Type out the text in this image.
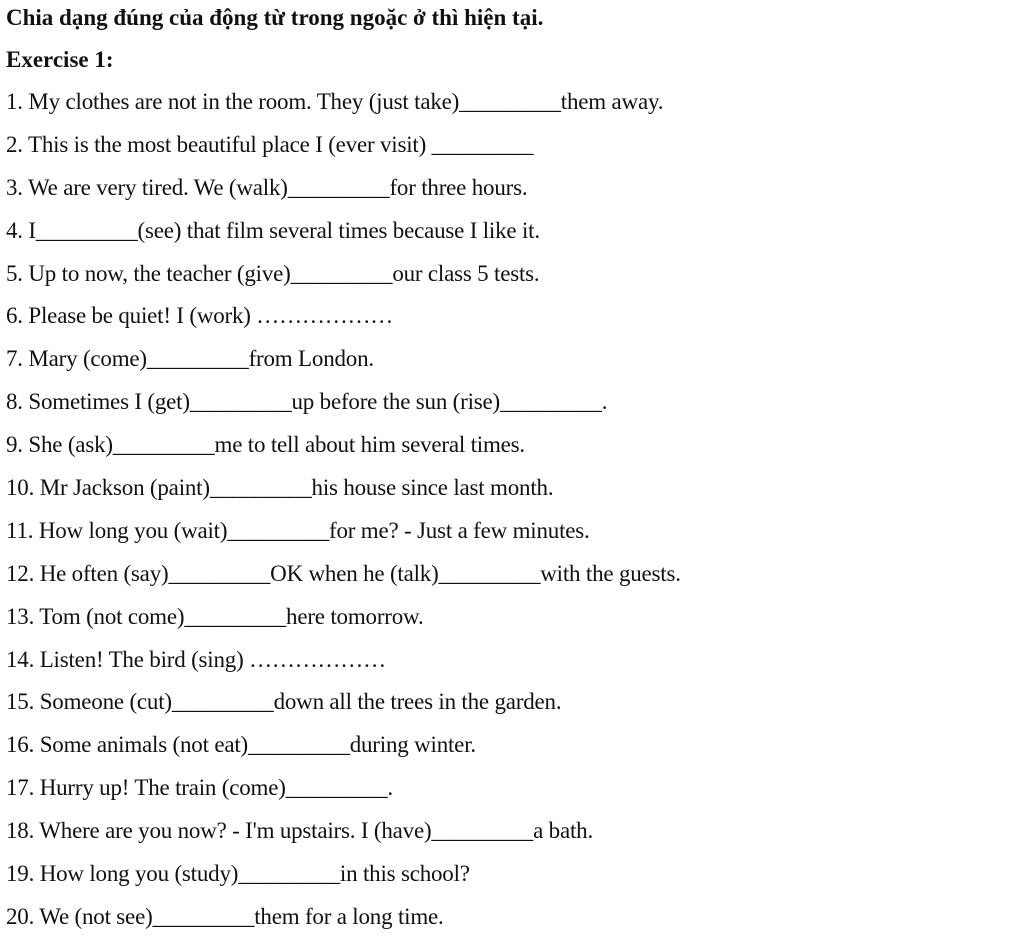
Chia dạng đúng của động từ trong ngoặc ở thì hiện tại.
Exercise 1:
1. My clothes are not in the room. They (just take)_________them away.
2. This is the most beautiful place I (ever visit) _________
3. We are very tired. We (walk)_________for three hours.
4. I_________(see) that film several times because I like it.
5. Up to now, the teacher (give)_________our class 5 tests.
6. Please be quiet! I (work) ………………
7. Mary (come)_________from London.
8. Sometimes I (get)_________up before the sun (rise)_________.
9. She (ask)_________me to tell about him several times.
10. Mr Jackson (paint)_________his house since last month.
11. How long you (wait)_________for me? - Just a few minutes.
12. He often (say)_________OK when he (talk)_________with the guests.
13. Tom (not come)_________here tomorrow.
14. Listen! The bird (sing) ………………
15. Someone (cut)_________down all the trees in the garden.
16. Some animals (not eat)_________during winter.
17. Hurry up! The train (come)_________.
18. Where are you now? - I'm upstairs. I (have)_________a bath.
19. How long you (study)_________in this school?
20. We (not see)_________them for a long time.
